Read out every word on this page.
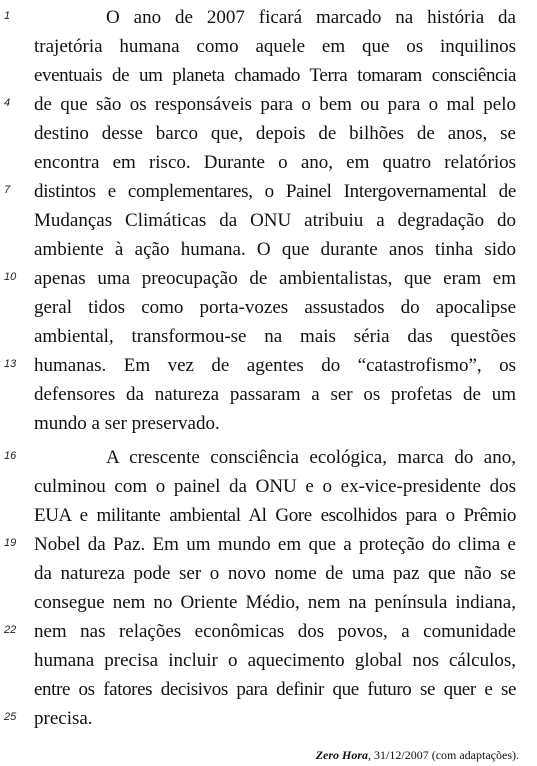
1	O ano de 2007 ficará marcado na história da
trajetória humana como aquele em que os inquilinos
eventuais de um planeta chamado Terra tomaram consciência
4	de que são os responsáveis para o bem ou para o mal pelo
destino desse barco que, depois de bilhões de anos, se
encontra em risco. Durante o ano, em quatro relatórios
7	distintos e complementares, o Painel Intergovernamental de
Mudanças Climáticas da ONU atribuiu a degradação do
ambiente à ação humana. O que durante anos tinha sido
10 apenas uma preocupação de ambientalistas, que eram em
geral tidos como porta-vozes assustados do apocalipse
ambiental, transformou-se na mais séria das questões
13 humanas. Em vez de agentes do “catastrofismo”, os
defensores da natureza passaram a ser os profetas de um
mundo a ser preservado.
16	A crescente consciência ecológica, marca do ano,
culminou com o painel da ONU e o ex-vice-presidente dos
EUA e militante ambiental Al Gore escolhidos para o Prêmio
19 Nobel da Paz. Em um mundo em que a proteção do clima e
da natureza pode ser o novo nome de uma paz que não se
consegue nem no Oriente Médio, nem na península indiana,
22 nem nas relações econômicas dos povos, a comunidade
humana precisa incluir o aquecimento global nos cálculos,
entre os fatores decisivos para definir que futuro se quer e se
25 precisa.
Zero Hora, 31/12/2007 (com adaptações).
